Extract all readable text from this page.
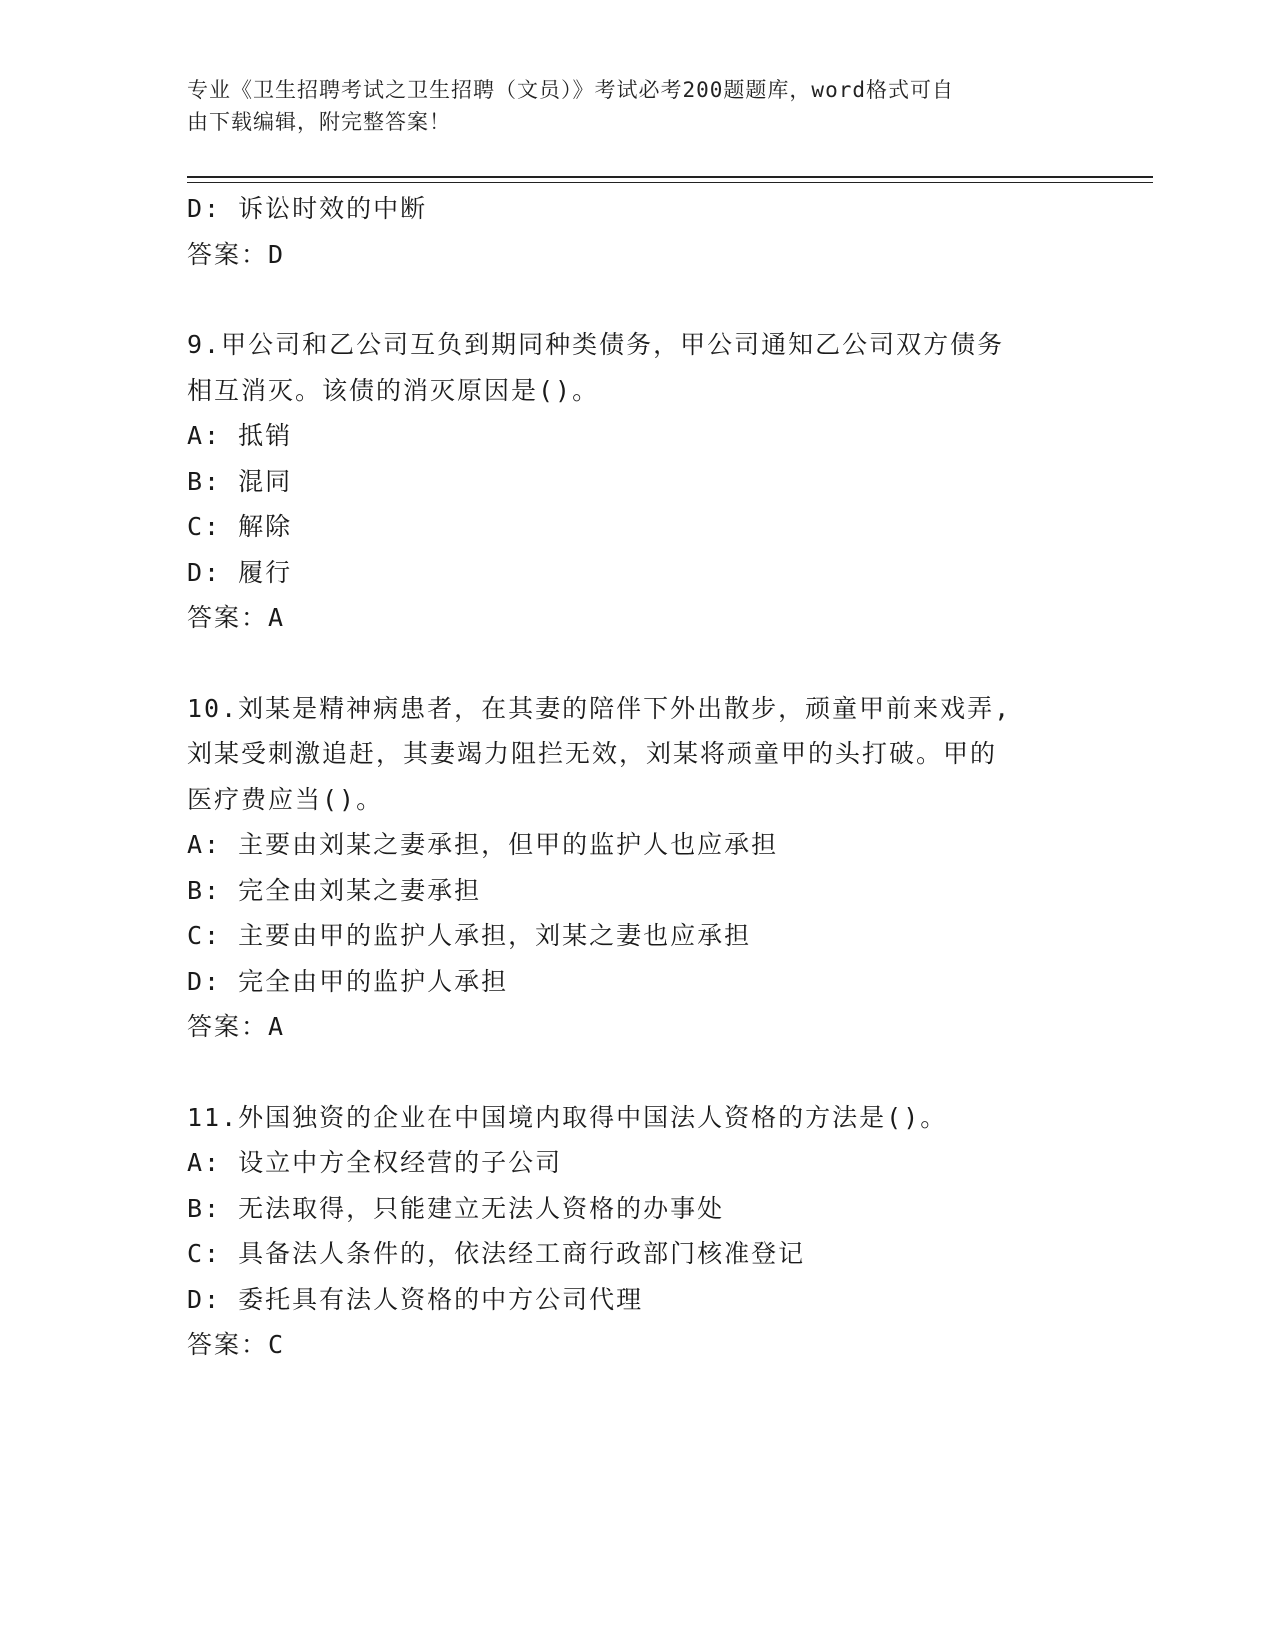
专业《卫生招聘考试之卫生招聘（文员）》考试必考200题题库，word格式可自
由下载编辑，附完整答案！
D: 诉讼时效的中断
答案：D
9.甲公司和乙公司互负到期同种类债务，甲公司通知乙公司双方债务
相互消灭。该债的消灭原因是()。
A: 抵销
B: 混同
C: 解除
D: 履行
答案：A
10.刘某是精神病患者，在其妻的陪伴下外出散步，顽童甲前来戏弄,
刘某受刺激追赶，其妻竭力阻拦无效，刘某将顽童甲的头打破。甲的
医疗费应当()。
A: 主要由刘某之妻承担，但甲的监护人也应承担
B: 完全由刘某之妻承担
C: 主要由甲的监护人承担，刘某之妻也应承担
D: 完全由甲的监护人承担
答案：A
11.外国独资的企业在中国境内取得中国法人资格的方法是()。
A: 设立中方全权经营的子公司
B: 无法取得，只能建立无法人资格的办事处
C: 具备法人条件的，依法经工商行政部门核准登记
D: 委托具有法人资格的中方公司代理
答案：C
